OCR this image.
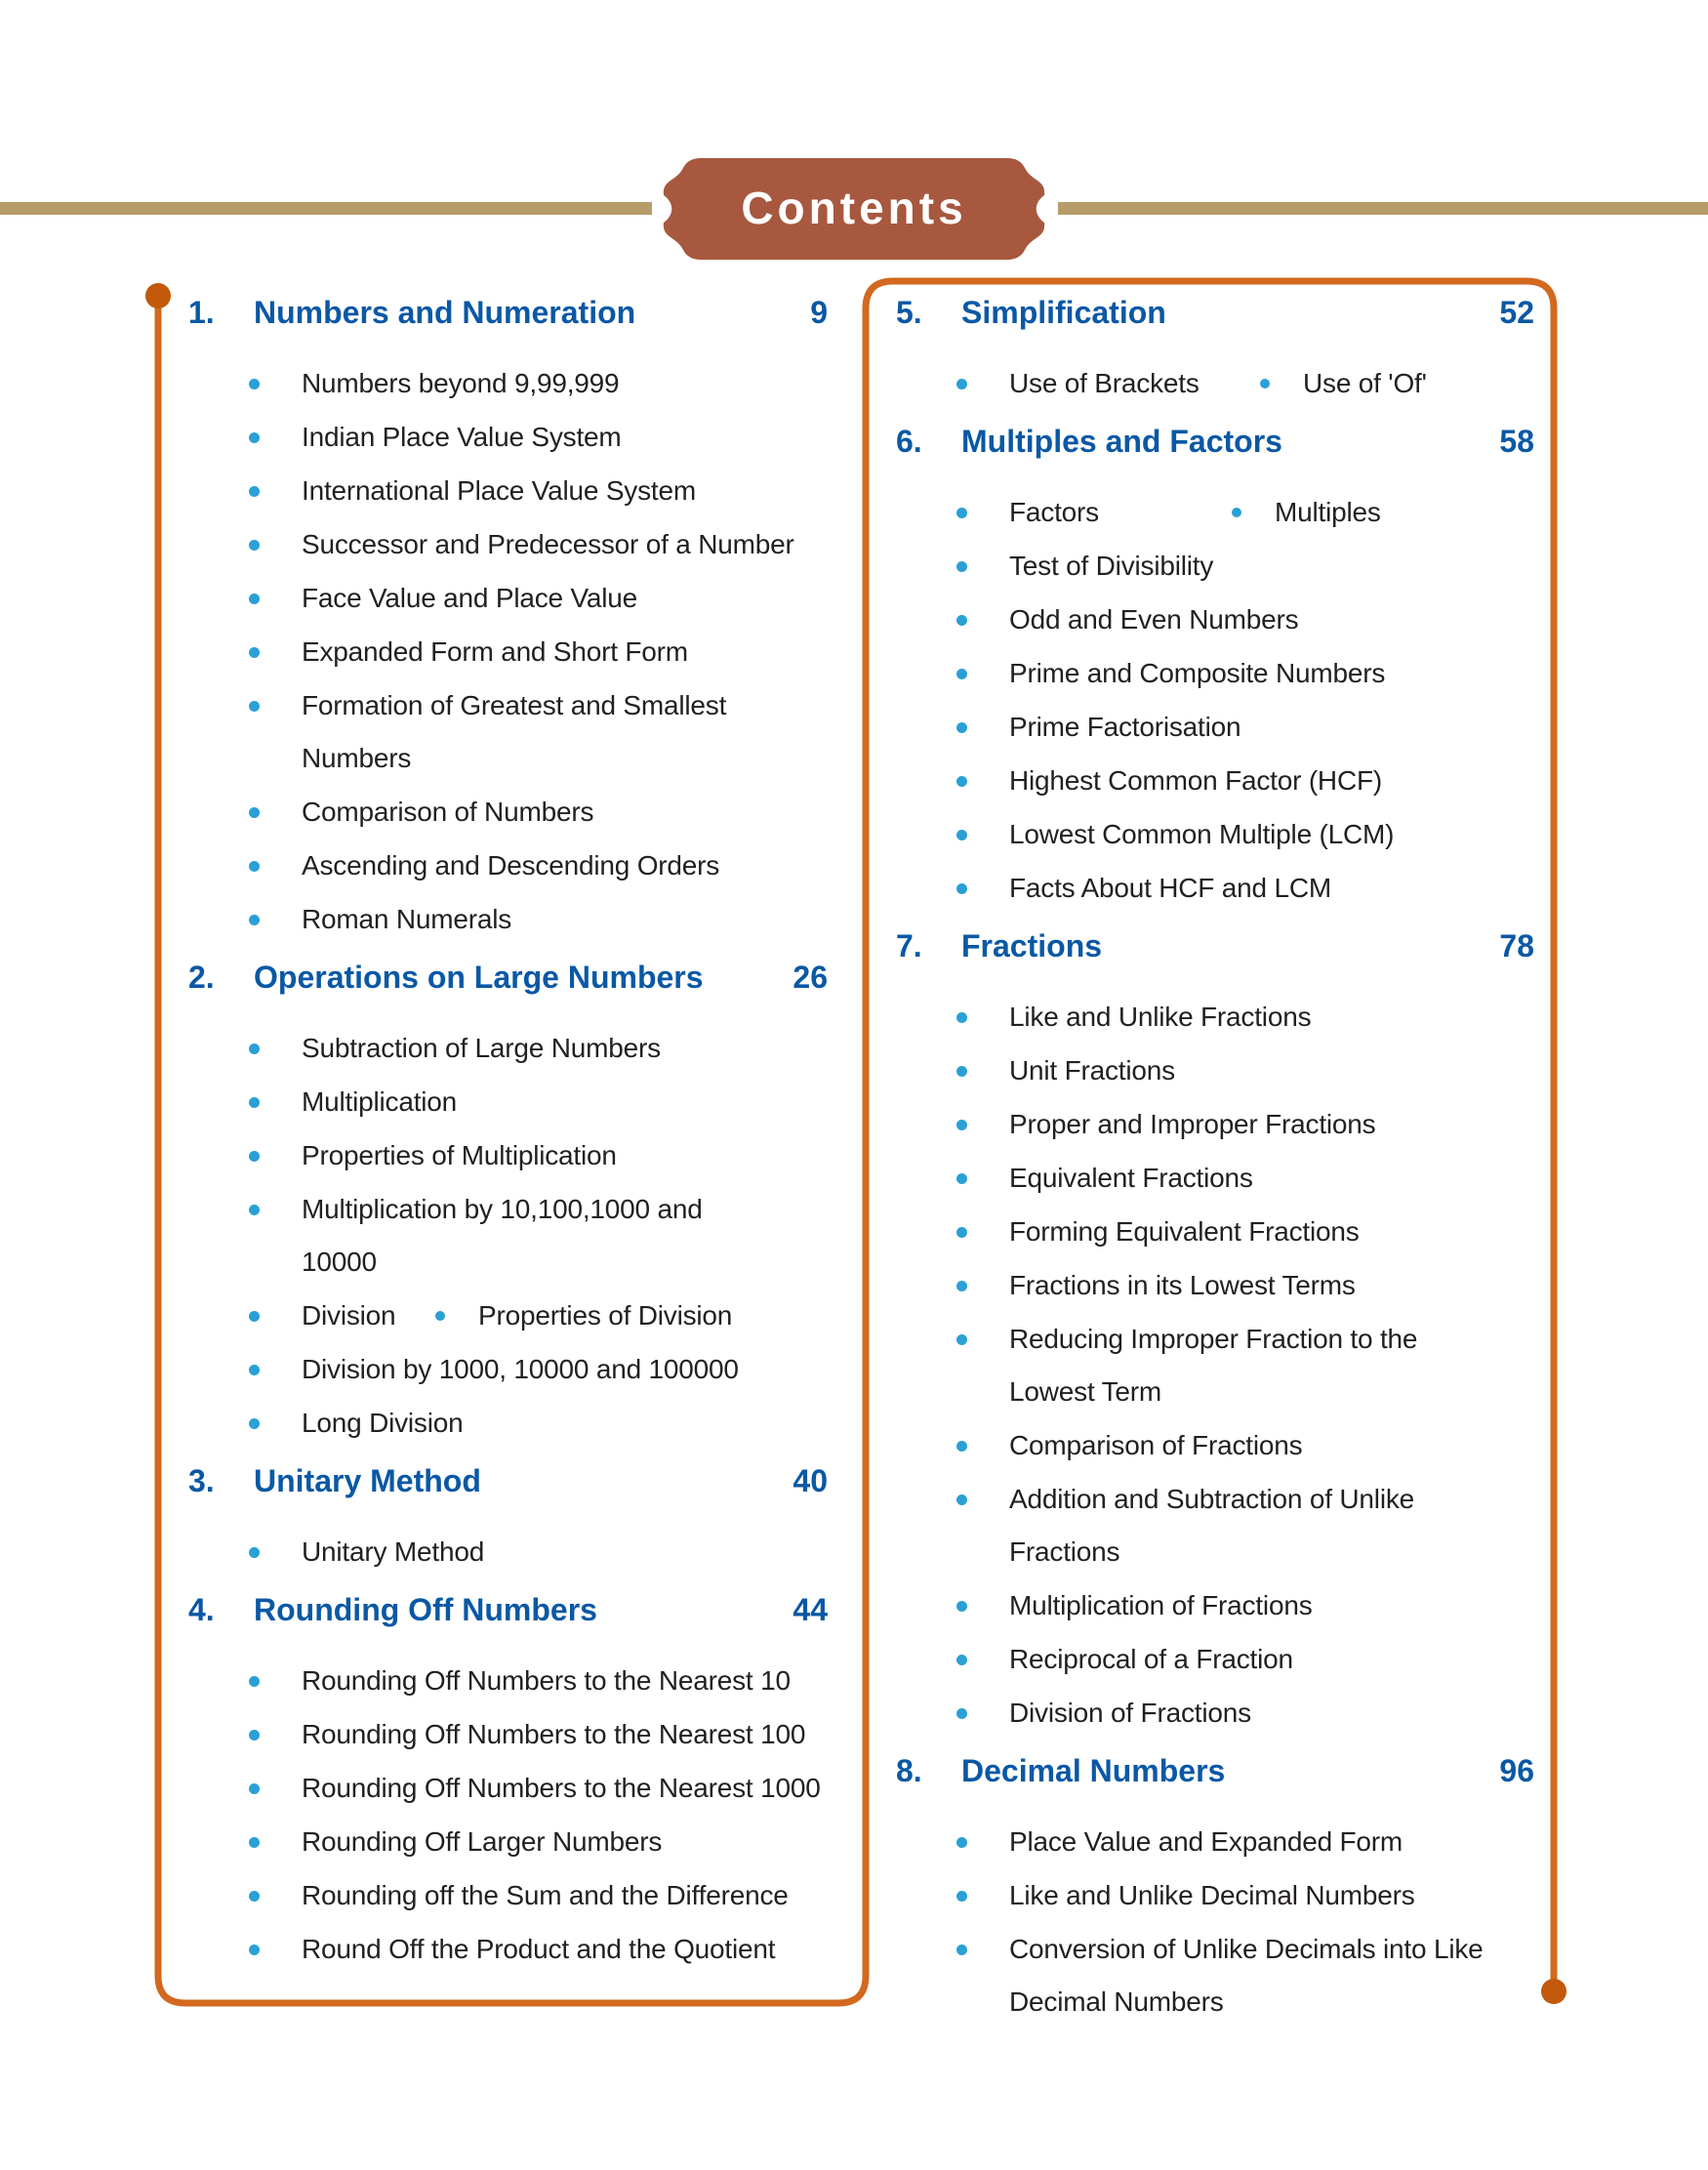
Contents
1.	Numbers and Numeration	9
Numbers beyond 9,99,999
Indian Place Value System
International Place Value System
Successor and Predecessor of a Number
Face Value and Place Value
Expanded Form and Short Form
Formation of Greatest and Smallest
Numbers
Comparison of Numbers
Ascending and Descending Orders
Roman Numerals
2.	Operations on Large Numbers	26
Subtraction of Large Numbers
Multiplication
Properties of Multiplication
Multiplication by 10,100,1000 and
10000
Division	Properties of Division
Division by 1000, 10000 and 100000
Long Division
3.	Unitary Method	40
Unitary Method
4.	Rounding Off Numbers	44
Rounding Off Numbers to the Nearest 10
Rounding Off Numbers to the Nearest 100
Rounding Off Numbers to the Nearest 1000
Rounding Off Larger Numbers
Rounding off the Sum and the Difference
Round Off the Product and the Quotient
5.	Simplification	52
Use of Brackets	Use of 'Of'
6.	Multiples and Factors	58
Factors	Multiples
Test of Divisibility
Odd and Even Numbers
Prime and Composite Numbers
Prime Factorisation
Highest Common Factor (HCF)
Lowest Common Multiple (LCM)
Facts About HCF and LCM
7.	Fractions	78
Like and Unlike Fractions
Unit Fractions
Proper and Improper Fractions
Equivalent Fractions
Forming Equivalent Fractions
Fractions in its Lowest Terms
Reducing Improper Fraction to the
Lowest Term
Comparison of Fractions
Addition and Subtraction of Unlike
Fractions
Multiplication of Fractions
Reciprocal of a Fraction
Division of Fractions
8.	Decimal Numbers	96
Place Value and Expanded Form
Like and Unlike Decimal Numbers
Conversion of Unlike Decimals into Like
Decimal Numbers
